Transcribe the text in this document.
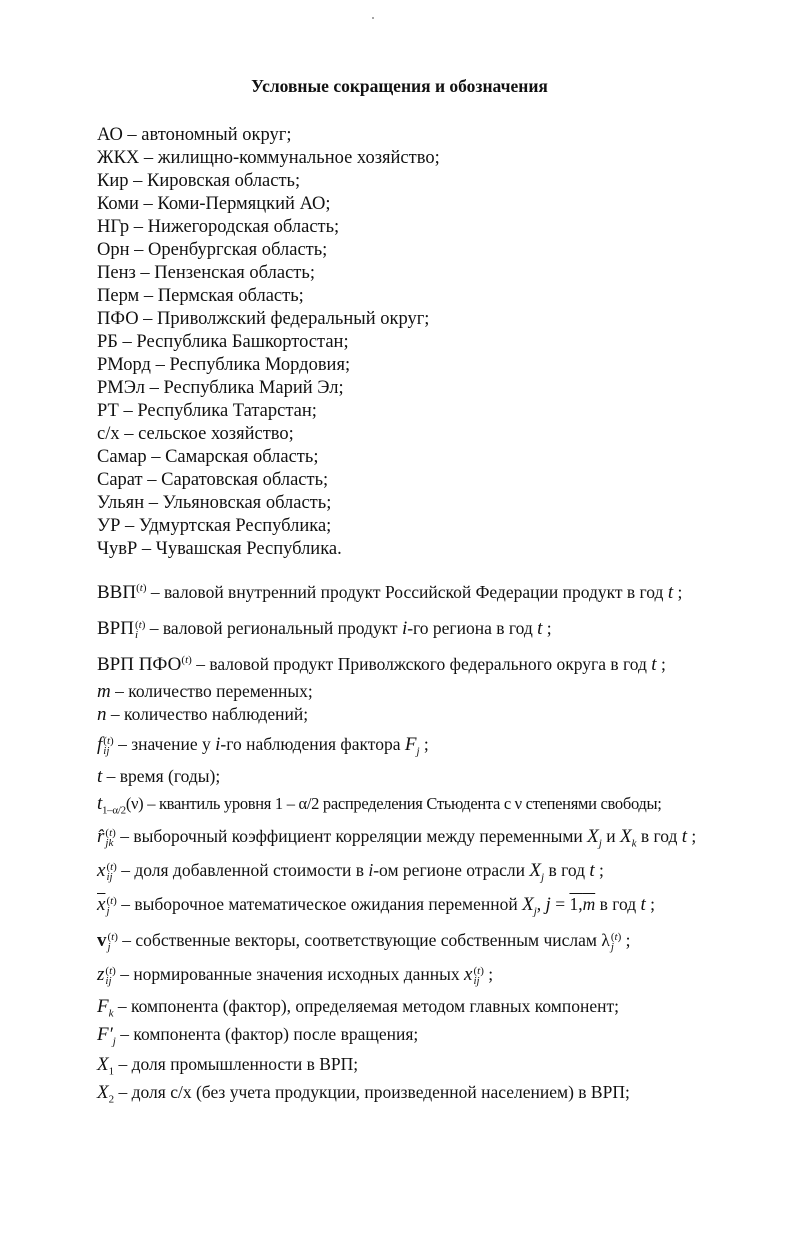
Условные сокращения и обозначения
АО – автономный округ;
ЖКХ – жилищно-коммунальное хозяйство;
Кир – Кировская область;
Коми – Коми-Пермяцкий АО;
НГр – Нижегородская область;
Орн – Оренбургская область;
Пенз – Пензенская область;
Перм – Пермская область;
ПФО – Приволжский федеральный округ;
РБ – Республика Башкортостан;
РМорд – Республика Мордовия;
РМЭл – Республика Марий Эл;
РТ – Республика Татарстан;
с/х – сельское хозяйство;
Самар – Самарская область;
Сарат – Саратовская область;
Ульян – Ульяновская область;
УР – Удмуртская Республика;
ЧувР – Чувашская Республика.
ВВП$^{(t)}$ – валовой внутренний продукт Российской Федерации продукт в год t ;
ВРП (t)
i – валовой региональный продукт i-го региона в год t ;
ВРП ПФО$^{(t)}$ – валовой продукт Приволжского федерального округа в год t ;
m – количество переменных;
n – количество наблюдений;
f (t)
ij – значение у i-го наблюдения фактора $F_j$ ;
t – время (годы);
$t_{1-\alpha/2}(\nu)$ – квантиль уровня 1 – α/2 распределения Стьюдента с ν степенями свободы;
r̂ (t)
jk – выборочный коэффициент корреляции между переменными $X_j$ и $X_k$ в год t ;
x (t)
ij – доля добавленной стоимости в i-ом регионе отрасли $X_j$ в год t ;
$\overline{x}$ (t)
j – выборочное математическое ожидания переменной $X_j$, j = 1,m в год t ;
v (t)
j – собственные векторы, соответствующие собственным числам λ (t)
j ;
z (t)
ij – нормированные значения исходных данных x (t)
ij ;
$F_k$ – компонента (фактор), определяемая методом главных компонент;
$F'_j$ – компонента (фактор) после вращения;
$X_1$ – доля промышленности в ВРП;
$X_2$ – доля с/х (без учета продукции, произведенной населением) в ВРП;
